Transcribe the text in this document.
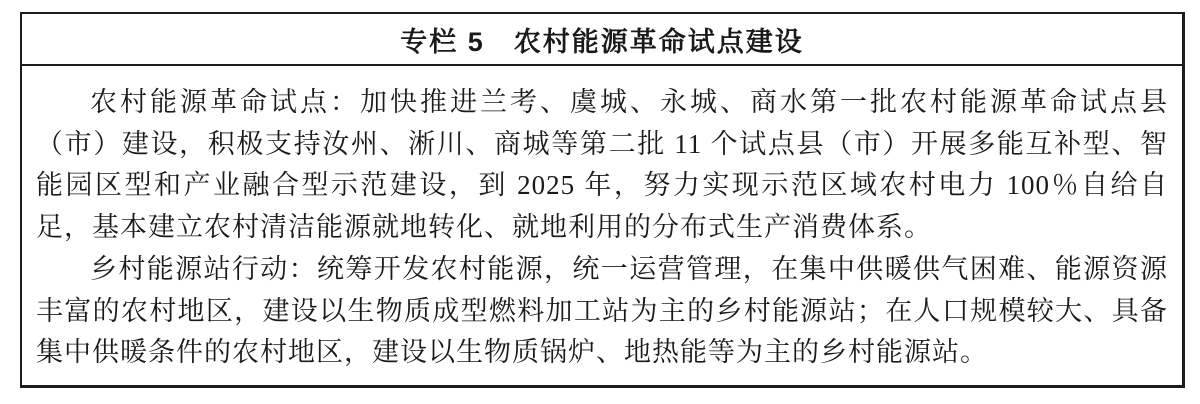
专栏 5　农村能源革命试点建设

农村能源革命试点：加快推进兰考、虞城、永城、商水第一批农村能源革命试点县（市）建设，积极支持汝州、淅川、商城等第二批 11 个试点县（市）开展多能互补型、智能园区型和产业融合型示范建设，到 2025 年，努力实现示范区域农村电力 100％自给自足，基本建立农村清洁能源就地转化、就地利用的分布式生产消费体系。

乡村能源站行动：统筹开发农村能源，统一运营管理，在集中供暖供气困难、能源资源丰富的农村地区，建设以生物质成型燃料加工站为主的乡村能源站；在人口规模较大、具备集中供暖条件的农村地区，建设以生物质锅炉、地热能等为主的乡村能源站。
